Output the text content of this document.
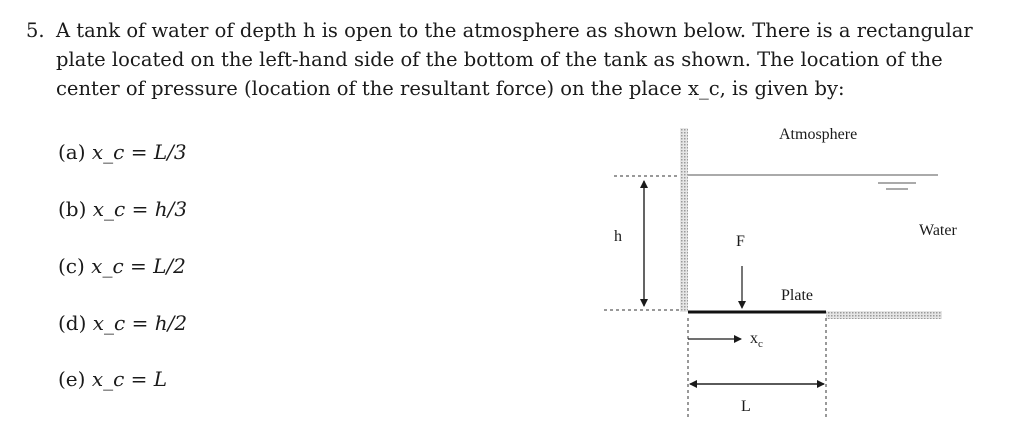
5. A tank of water of depth h is open to the atmosphere as shown below. There is a rectangular plate located on the left-hand side of the bottom of the tank as shown. The location of the center of pressure (location of the resultant force) on the place x_c, is given by:
(a) x_c = L/3
(b) x_c = h/3
(c) x_c = L/2
(d) x_c = h/2
(e) x_c = L
Atmosphere
Water
h	F
Plate
$x_c$
L
